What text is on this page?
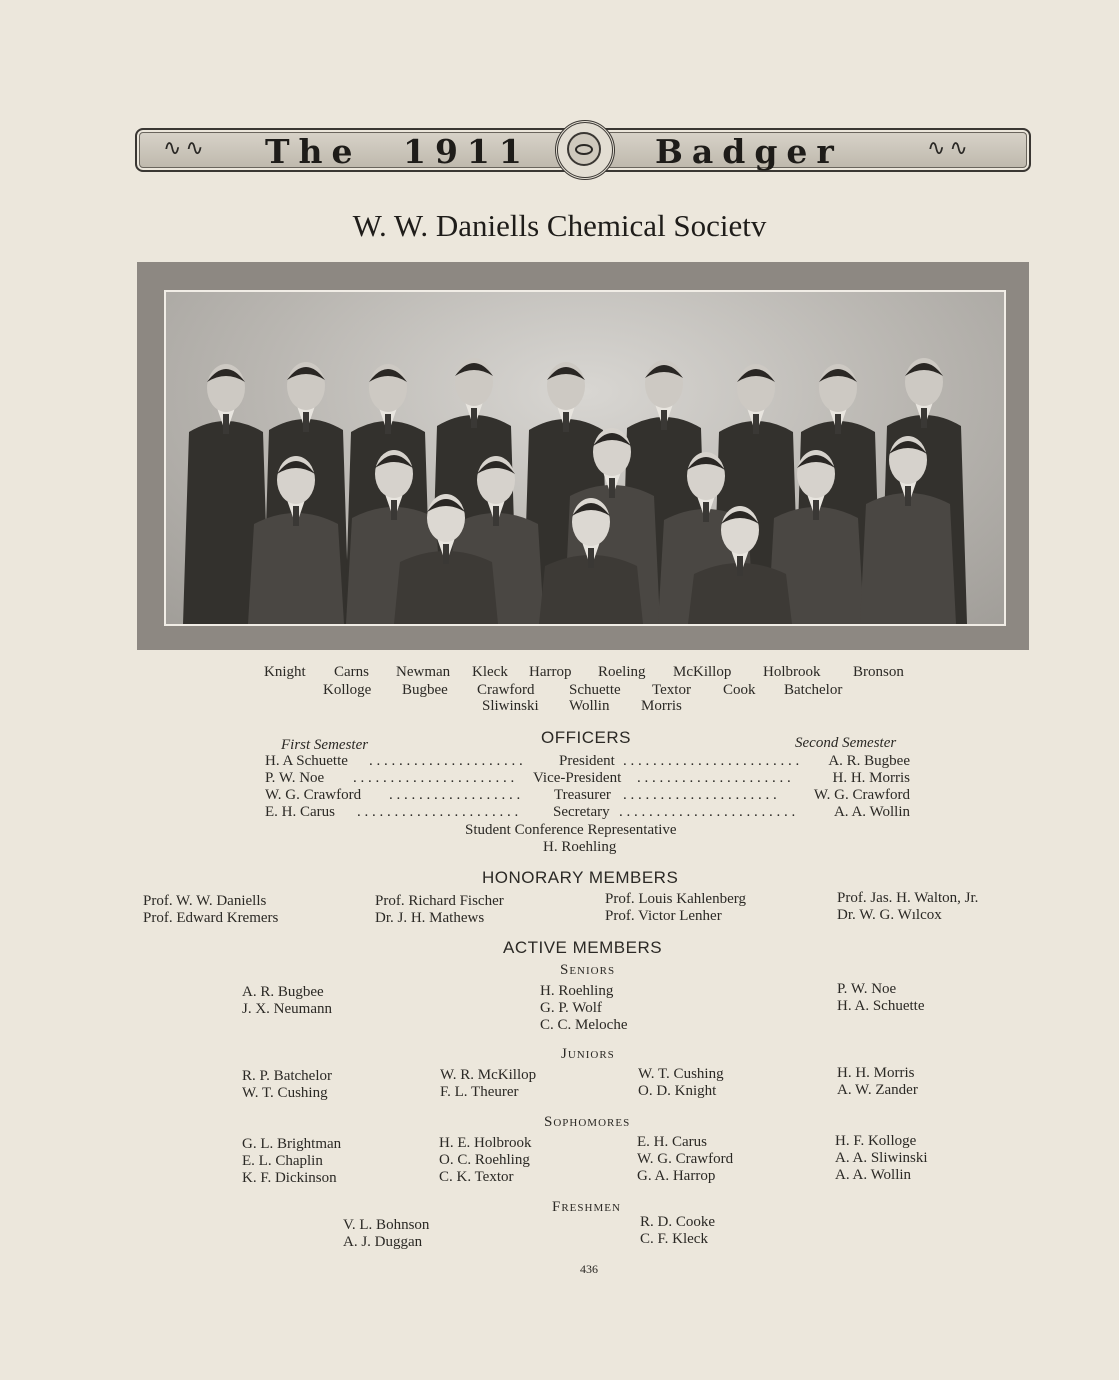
∿∿ The 1911	Badger	∿∿
W. W. Daniells Chemical Societv
Knight Carns Newman Kleck Harrop Roeling McKillop Holbrook Bronson
Kolloge Bugbee Crawford Schuette Textor Cook Batchelor
Sliwinski Wollin Morris
OFFICERS
First Semester	Second Semester
H. A Schuette	President	A. R. Bugbee
P. W. Noe	Vice-President	H. H. Morris
W. G. Crawford	Treasurer	W. G. Crawford
E. H. Carus	Secretary	A. A. Wollin
. . . . . . . . . . . . . . . . . . . . .	. . . . . . . . . . . . . . . . . . . . . . . .
. . . . . . . . . . . . . . . . . . . . . .	. . . . . . . . . . . . . . . . . . . . .
. . . . . . . . . . . . . . . . . .	. . . . . . . . . . . . . . . . . . . . .
. . . . . . . . . . . . . . . . . . . . . .	. . . . . . . . . . . . . . . . . . . . . . . .
Student Conference Representative
H. Roehling
HONORARY MEMBERS
Prof. W. W. Daniells
Prof. Edward Kremers
Prof. Richard Fischer
Dr. J. H. Mathews
Prof. Louis Kahlenberg
Prof. Victor Lenher
Prof. Jas. H. Walton, Jr.
Dr. W. G. Wılcox
ACTIVE MEMBERS
Seniors
A. R. Bugbee
J. X. Neumann
H. Roehling
G. P. Wolf
C. C. Meloche
P. W. Noe
H. A. Schuette
Juniors
R. P. Batchelor
W. T. Cushing
W. R. McKillop
F. L. Theurer
W. T. Cushing
O. D. Knight
H. H. Morris
A. W. Zander
Sophomores
G. L. Brightman
E. L. Chaplin
K. F. Dickinson
H. E. Holbrook
O. C. Roehling
C. K. Textor
E. H. Carus
W. G. Crawford
G. A. Harrop
H. F. Kolloge
A. A. Sliwinski
A. A. Wollin
Freshmen
V. L. Bohnson
A. J. Duggan
R. D. Cooke
C. F. Kleck
436
